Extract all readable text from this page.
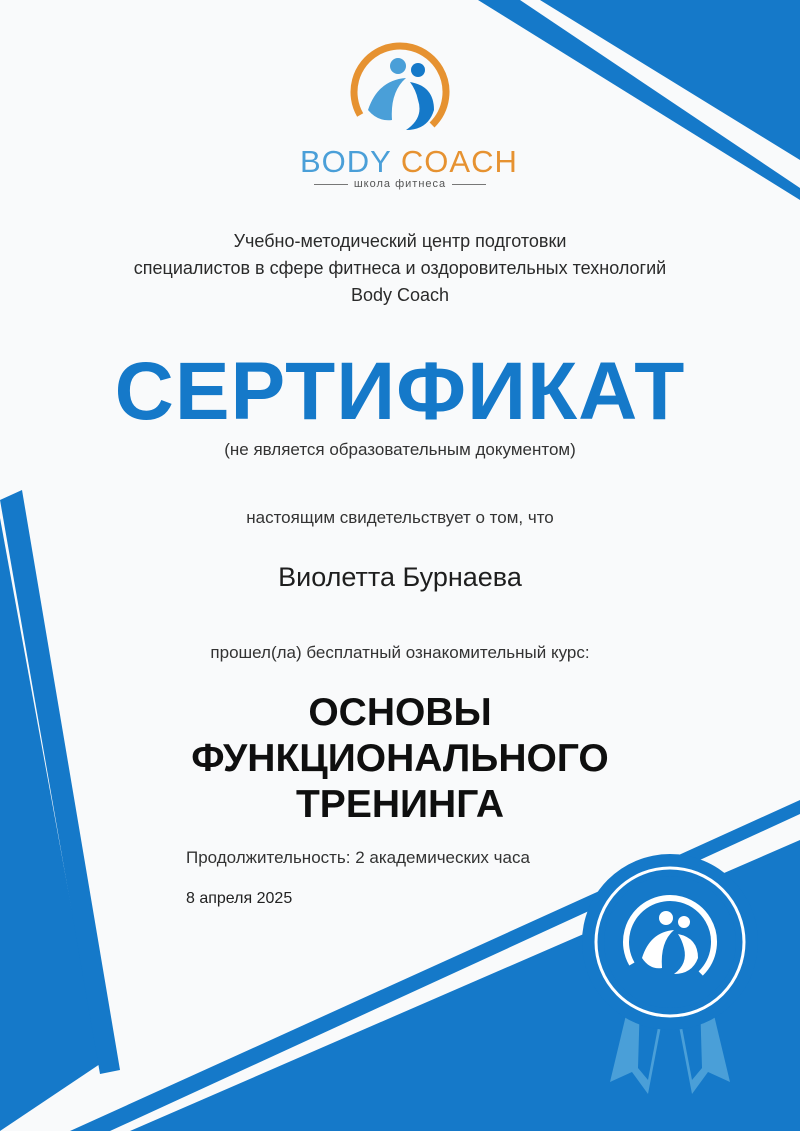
BODY COACH
школа фитнеса
Учебно-методический центр подготовки
специалистов в сфере фитнеса и оздоровительных технологий
Body Coach
СЕРТИФИКАТ
(не является образовательным документом)
настоящим свидетельствует о том, что
Виолетта Бурнаева
прошел(ла) бесплатный ознакомительный курс:
ОСНОВЫ
ФУНКЦИОНАЛЬНОГО
ТРЕНИНГА
Продолжительность: 2 академических часа
8 апреля 2025
